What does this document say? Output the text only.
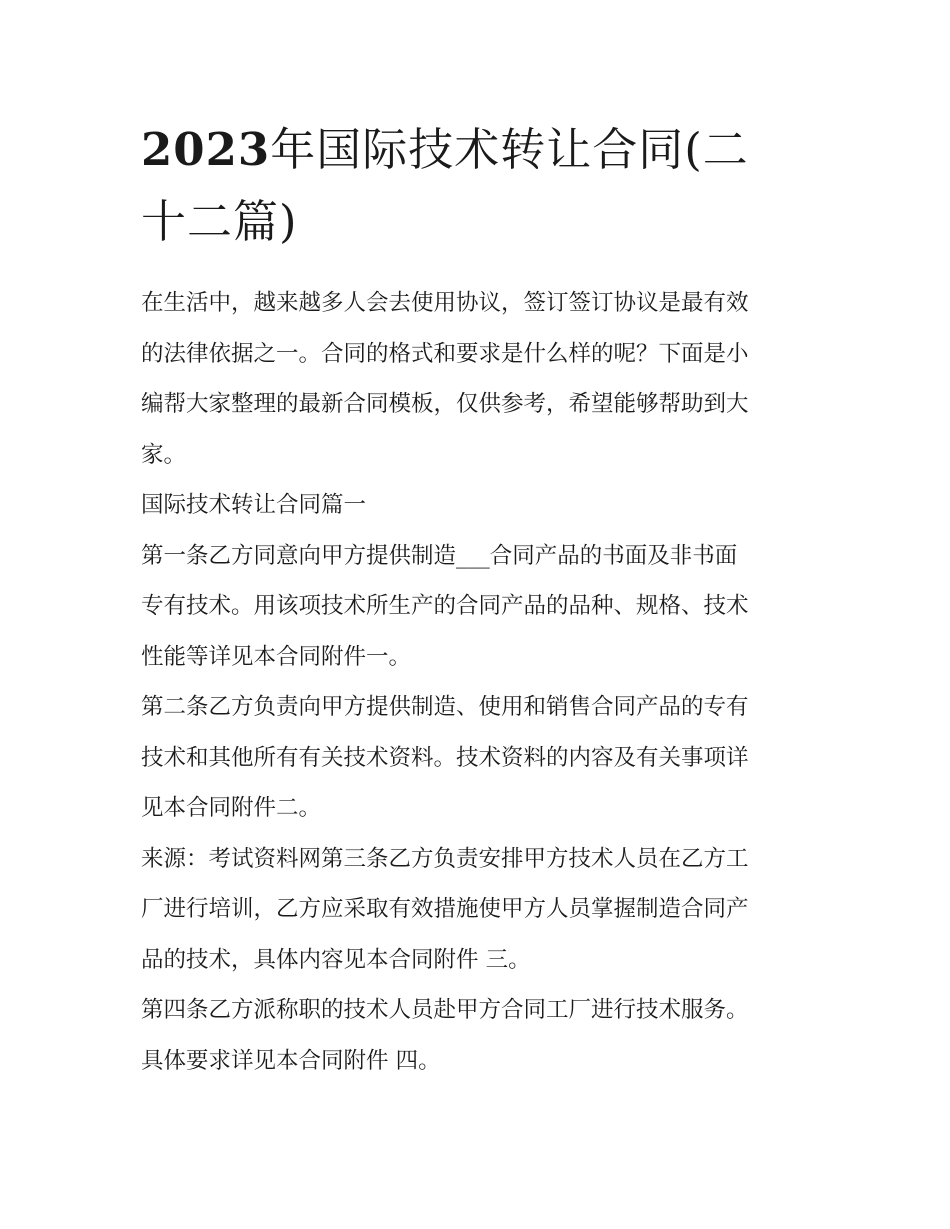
2023年国际技术转让合同(二
十二篇)

在生活中，越来越多人会去使用协议，签订签订协议是最有效
的法律依据之一。合同的格式和要求是什么样的呢？下面是小
编帮大家整理的最新合同模板，仅供参考，希望能够帮助到大
家。

国际技术转让合同篇一

第一条乙方同意向甲方提供制造___合同产品的书面及非书面
专有技术。用该项技术所生产的合同产品的品种、规格、技术
性能等详见本合同附件一。

第二条乙方负责向甲方提供制造、使用和销售合同产品的专有
技术和其他所有有关技术资料。技术资料的内容及有关事项详
见本合同附件二。

来源：考试资料网第三条乙方负责安排甲方技术人员在乙方工
厂进行培训，乙方应采取有效措施使甲方人员掌握制造合同产
品的技术，具体内容见本合同附件 三。

第四条乙方派称职的技术人员赴甲方合同工厂进行技术服务。
具体要求详见本合同附件 四。
